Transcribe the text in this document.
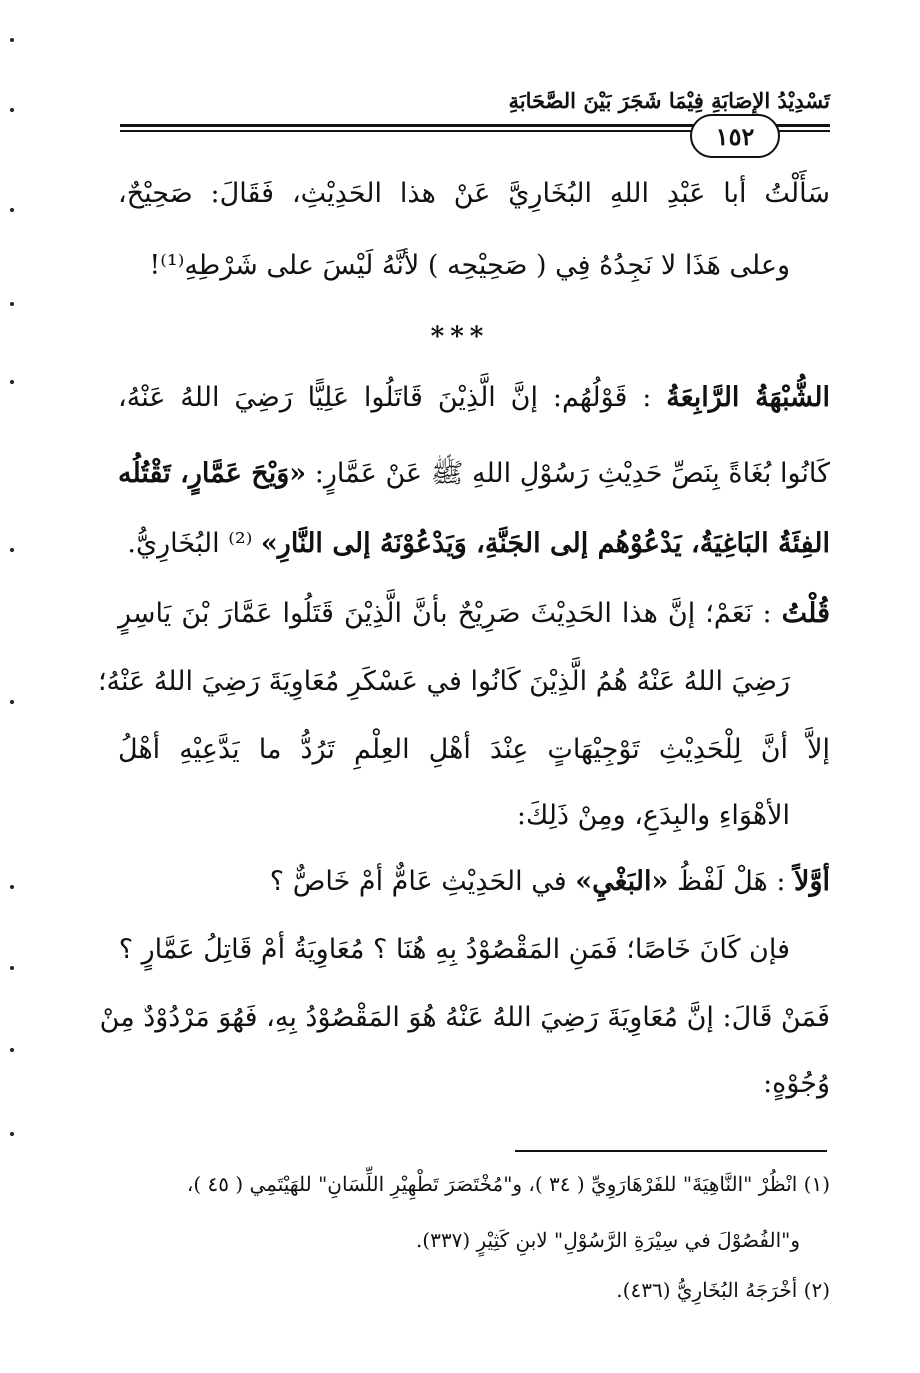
تَسْدِيْدُ الإِصَابَةِ فِيْمَا شَجَرَ بَيْنَ الصَّحَابَةِ
١٥٢
سَأَلْتُ أبا عَبْدِ اللهِ البُخَارِيَّ عَنْ هذا الحَدِيْثِ، فَقَالَ: صَحِيْحٌ،
وعلى هَذَا لا نَجِدُهُ فِي ( صَحِيْحِه ) لأنَّهُ لَيْسَ على شَرْطِهِ⁽¹⁾!
***
الشُّبْهَةُ الرَّابِعَةُ : قَوْلُهُم: إنَّ الَّذِيْنَ قَاتَلُوا عَلِيًّا رَضِيَ اللهُ عَنْهُ،
كَانُوا بُغَاةً بِنَصِّ حَدِيْثِ رَسُوْلِ اللهِ ﷺ عَنْ عَمَّارٍ: «وَيْحَ عَمَّارٍ، تَقْتُلُه
الفِئَةُ البَاغِيَةُ، يَدْعُوْهُم إلى الجَنَّةِ، وَيَدْعُوْنَهُ إلى النَّارِ» ⁽²⁾ البُخَارِيُّ.
قُلْتُ : نَعَمْ؛ إنَّ هذا الحَدِيْثَ صَرِيْحٌ بأنَّ الَّذِيْنَ قَتَلُوا عَمَّارَ بْنَ يَاسِرٍ
رَضِيَ اللهُ عَنْهُ هُمُ الَّذِيْنَ كَانُوا في عَسْكَرِ مُعَاوِيَةَ رَضِيَ اللهُ عَنْهُ؛
إلاَّ أنَّ لِلْحَدِيْثِ تَوْجِيْهَاتٍ عِنْدَ أهْلِ العِلْمِ تَرُدُّ ما يَدَّعِيْهِ أهْلُ
الأهْوَاءِ والبِدَعِ، ومِنْ ذَلِكَ:
أوَّلاً : هَلْ لَفْظُ «البَغْيِ» في الحَدِيْثِ عَامٌّ أمْ خَاصٌّ ؟
فإن كَانَ خَاصًا؛ فَمَنِ المَقْصُوْدُ بِهِ هُنَا ؟ مُعَاوِيَةُ أمْ قَاتِلُ عَمَّارٍ ؟
فَمَنْ قَالَ: إنَّ مُعَاوِيَةَ رَضِيَ اللهُ عَنْهُ هُوَ المَقْصُوْدُ بِهِ، فَهُوَ مَرْدُوْدٌ مِنْ
وُجُوْهٍ:
(١) انْظُرْ "النَّاهِيَةَ" للفَرْهَارَوِيِّ ( ٣٤ )، و"مُخْتَصَرَ تَطْهِيْرِ اللِّسَانِ" للهَيْتَمِي ( ٤٥ )،
و"الفُصُوْلَ في سِيْرَةِ الرَّسُوْلِ" لابنِ كَثِيْرٍ (٣٣٧).
(٢) أخْرَجَهُ البُخَارِيُّ (٤٣٦).
